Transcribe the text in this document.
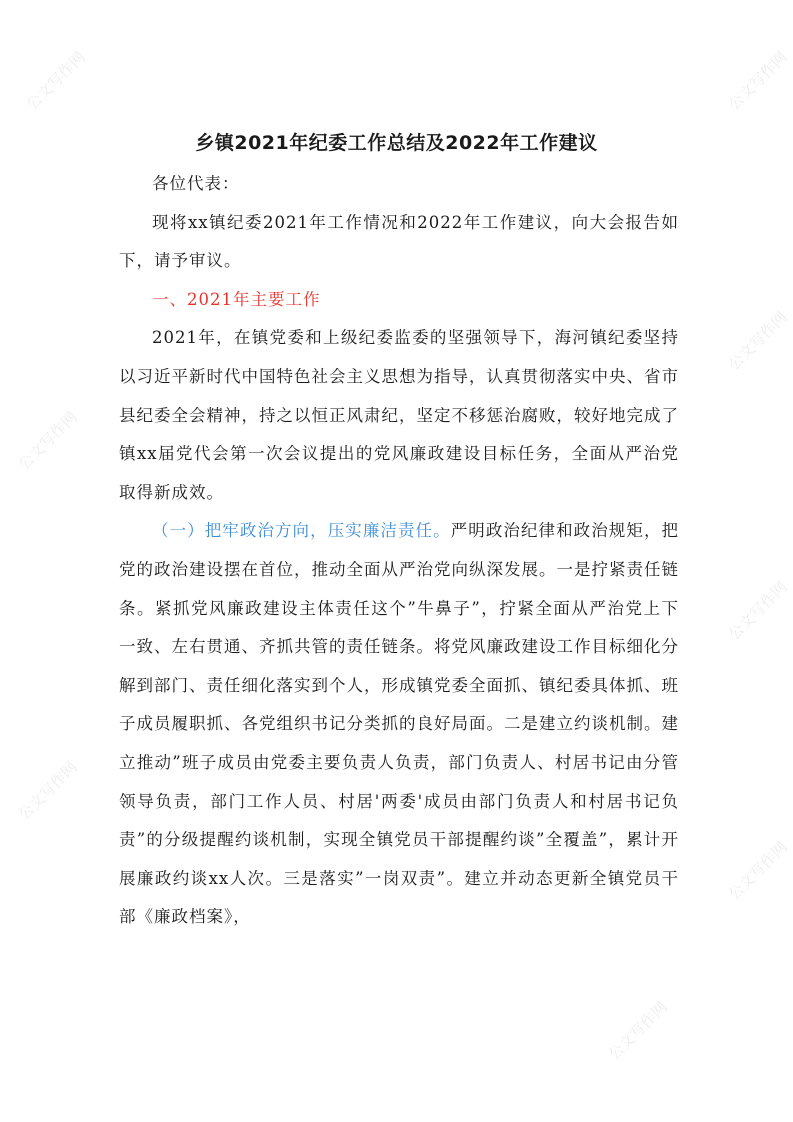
公文写作网	公文写作网
公文写作网
公文写作网
公文写作网
公文写作网
公文写作网
公文写作网
乡镇2021年纪委工作总结及2022年工作建议

各位代表：

现将xx镇纪委2021年工作情况和2022年工作建议，向大会报告如下，请予审议。

一、2021年主要工作

2021年，在镇党委和上级纪委监委的坚强领导下，海河镇纪委坚持以习近平新时代中国特色社会主义思想为指导，认真贯彻落实中央、省市县纪委全会精神，持之以恒正风肃纪，坚定不移惩治腐败，较好地完成了镇xx届党代会第一次会议提出的党风廉政建设目标任务，全面从严治党取得新成效。

（一）把牢政治方向，压实廉洁责任。严明政治纪律和政治规矩，把党的政治建设摆在首位，推动全面从严治党向纵深发展。一是拧紧责任链条。紧抓党风廉政建设主体责任这个”牛鼻子”，拧紧全面从严治党上下一致、左右贯通、齐抓共管的责任链条。将党风廉政建设工作目标细化分解到部门、责任细化落实到个人，形成镇党委全面抓、镇纪委具体抓、班子成员履职抓、各党组织书记分类抓的良好局面。二是建立约谈机制。建立推动”班子成员由党委主要负责人负责，部门负责人、村居书记由分管领导负责，部门工作人员、村居'两委'成员由部门负责人和村居书记负责”的分级提醒约谈机制，实现全镇党员干部提醒约谈”全覆盖”，累计开展廉政约谈xx人次。三是落实”一岗双责”。建立并动态更新全镇党员干部《廉政档案》，
